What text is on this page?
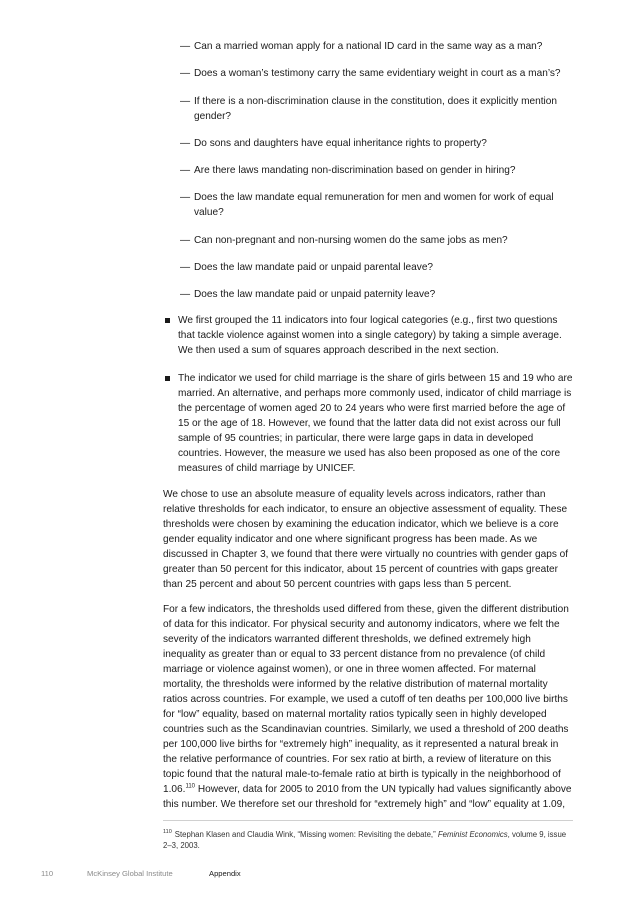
— Can a married woman apply for a national ID card in the same way as a man?
— Does a woman’s testimony carry the same evidentiary weight in court as a man’s?
— If there is a non-discrimination clause in the constitution, does it explicitly mention gender?
— Do sons and daughters have equal inheritance rights to property?
— Are there laws mandating non-discrimination based on gender in hiring?
— Does the law mandate equal remuneration for men and women for work of equal value?
— Can non-pregnant and non-nursing women do the same jobs as men?
— Does the law mandate paid or unpaid parental leave?
— Does the law mandate paid or unpaid paternity leave?
We first grouped the 11 indicators into four logical categories (e.g., first two questions that tackle violence against women into a single category) by taking a simple average. We then used a sum of squares approach described in the next section.
The indicator we used for child marriage is the share of girls between 15 and 19 who are married. An alternative, and perhaps more commonly used, indicator of child marriage is the percentage of women aged 20 to 24 years who were first married before the age of 15 or the age of 18. However, we found that the latter data did not exist across our full sample of 95 countries; in particular, there were large gaps in data in developed countries. However, the measure we used has also been proposed as one of the core measures of child marriage by UNICEF.

We chose to use an absolute measure of equality levels across indicators, rather than relative thresholds for each indicator, to ensure an objective assessment of equality. These thresholds were chosen by examining the education indicator, which we believe is a core gender equality indicator and one where significant progress has been made. As we discussed in Chapter 3, we found that there were virtually no countries with gender gaps of greater than 50 percent for this indicator, about 15 percent of countries with gaps greater than 25 percent and about 50 percent countries with gaps less than 5 percent.

For a few indicators, the thresholds used differed from these, given the different distribution of data for this indicator. For physical security and autonomy indicators, where we felt the severity of the indicators warranted different thresholds, we defined extremely high inequality as greater than or equal to 33 percent distance from no prevalence (of child marriage or violence against women), or one in three women affected. For maternal mortality, the thresholds were informed by the relative distribution of maternal mortality ratios across countries. For example, we used a cutoff of ten deaths per 100,000 live births for “low” equality, based on maternal mortality ratios typically seen in highly developed countries such as the Scandinavian countries. Similarly, we used a threshold of 200 deaths per 100,000 live births for “extremely high” inequality, as it represented a natural break in the relative performance of countries. For sex ratio at birth, a review of literature on this topic found that the natural male-to-female ratio at birth is typically in the neighborhood of 1.06.$^{110}$ However, data for 2005 to 2010 from the UN typically had values significantly above this number. We therefore set our threshold for “extremely high” and “low” equality at 1.09,

$^{110}$ Stephan Klasen and Claudia Wink, “Missing women: Revisiting the debate,” Feminist Economics, volume 9, issue 2–3, 2003.
110	McKinsey Global Institute	Appendix
